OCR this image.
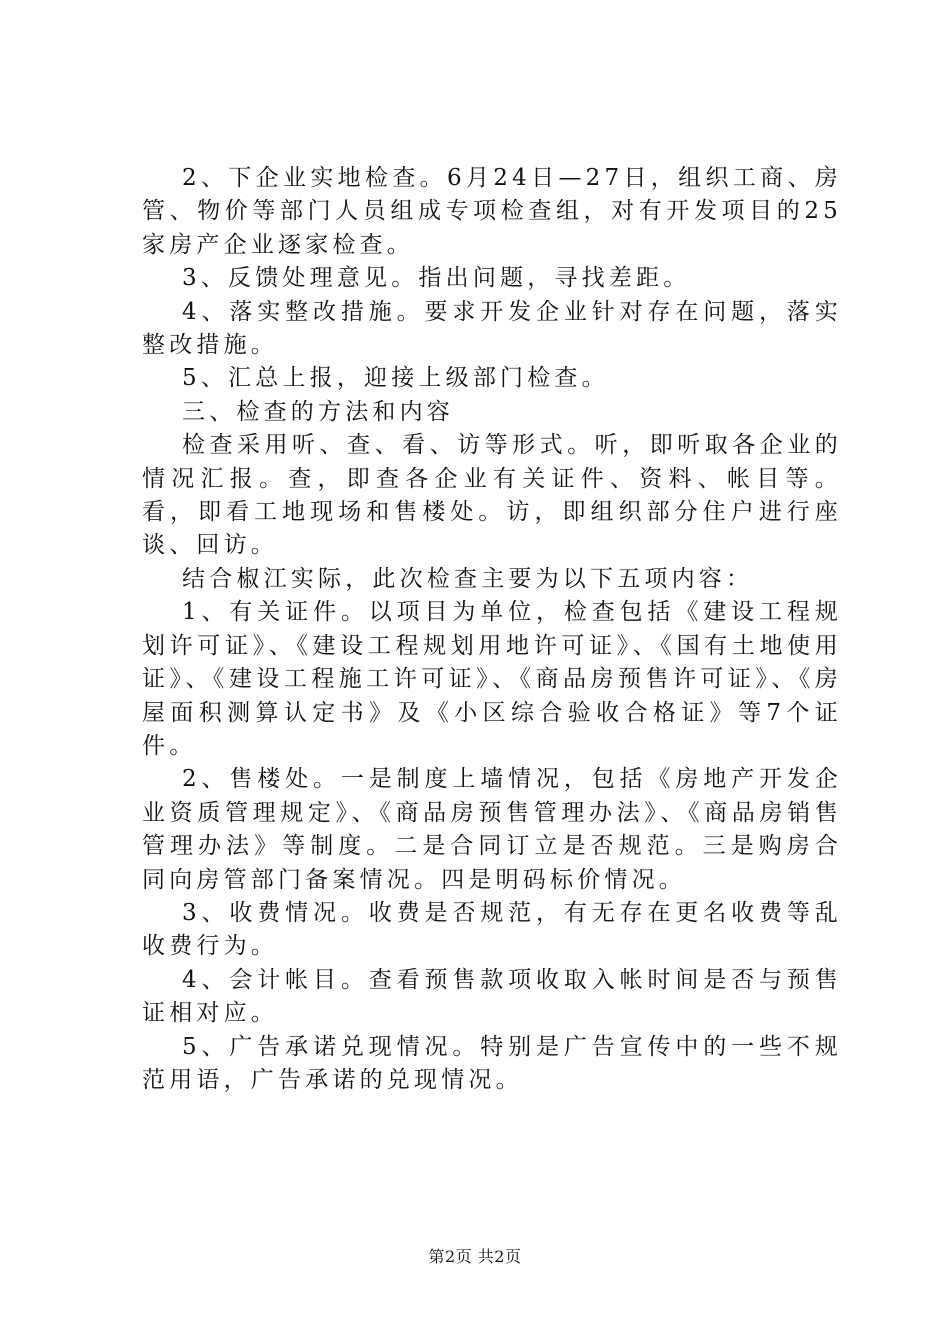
2、下企业实地检查。6月24日—27日，组织工商、房管、物价等部门人员组成专项检查组，对有开发项目的25家房产企业逐家检查。

3、反馈处理意见。指出问题，寻找差距。

4、落实整改措施。要求开发企业针对存在问题，落实整改措施。

5、汇总上报，迎接上级部门检查。

三、检查的方法和内容

检查采用听、查、看、访等形式。听，即听取各企业的情况汇报。查，即查各企业有关证件、资料、帐目等。看，即看工地现场和售楼处。访，即组织部分住户进行座谈、回访。

结合椒江实际，此次检查主要为以下五项内容：

1、有关证件。以项目为单位，检查包括《建设工程规划许可证》、《建设工程规划用地许可证》、《国有土地使用证》、《建设工程施工许可证》、《商品房预售许可证》、《房屋面积测算认定书》及《小区综合验收合格证》等7个证件。

2、售楼处。一是制度上墙情况，包括《房地产开发企业资质管理规定》、《商品房预售管理办法》、《商品房销售管理办法》等制度。二是合同订立是否规范。三是购房合同向房管部门备案情况。四是明码标价情况。

3、收费情况。收费是否规范，有无存在更名收费等乱收费行为。

4、会计帐目。查看预售款项收取入帐时间是否与预售证相对应。

5、广告承诺兑现情况。特别是广告宣传中的一些不规范用语，广告承诺的兑现情况。

第2页 共2页
